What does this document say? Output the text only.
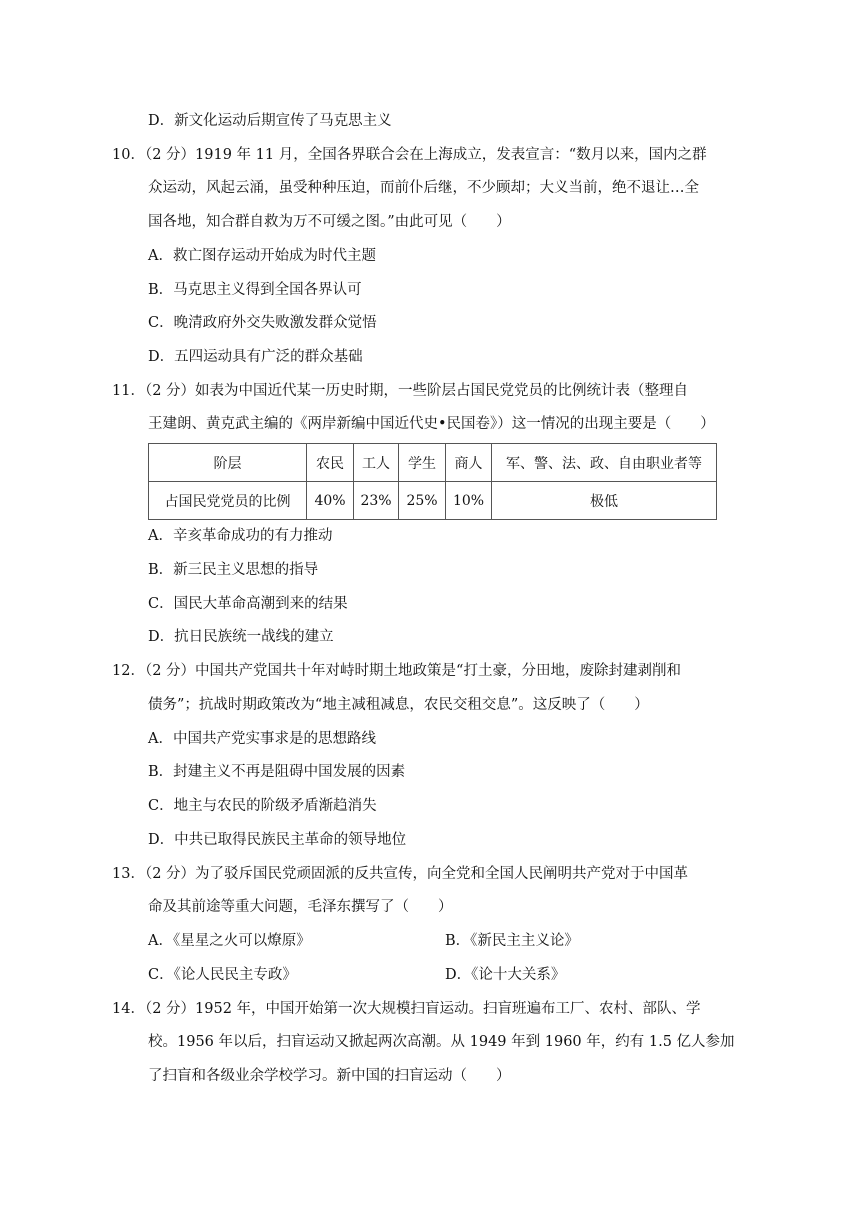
D．新文化运动后期宣传了马克思主义
10．（2 分）1919 年 11 月，全国各界联合会在上海成立，发表宣言：“数月以来，国内之群
众运动，风起云涌，虽受种种压迫，而前仆后继，不少顾却；大义当前，绝不退让…全
国各地，知合群自救为万不可缓之图。”由此可见（　　）
A．救亡图存运动开始成为时代主题
B．马克思主义得到全国各界认可
C．晚清政府外交失败激发群众觉悟
D．五四运动具有广泛的群众基础
11．（2 分）如表为中国近代某一历史时期，一些阶层占国民党党员的比例统计表（整理自
王建朗、黄克武主编的《两岸新编中国近代史•民国卷》）这一情况的出现主要是（　　）
阶层	农民	工人	学生	商人	军、警、法、政、自由职业者等
占国民党党员的比例	40%	23%	25%	10%	极低
A．辛亥革命成功的有力推动
B．新三民主义思想的指导
C．国民大革命高潮到来的结果
D．抗日民族统一战线的建立
12．（2 分）中国共产党国共十年对峙时期土地政策是“打土豪，分田地，废除封建剥削和
债务”；抗战时期政策改为“地主减租减息，农民交租交息”。这反映了（　　）
A．中国共产党实事求是的思想路线
B．封建主义不再是阻碍中国发展的因素
C．地主与农民的阶级矛盾渐趋消失
D．中共已取得民族民主革命的领导地位
13．（2 分）为了驳斥国民党顽固派的反共宣传，向全党和全国人民阐明共产党对于中国革
命及其前途等重大问题，毛泽东撰写了（　　）
A．《星星之火可以燎原》	B．《新民主主义论》
C．《论人民民主专政》	D．《论十大关系》
14．（2 分）1952 年，中国开始第一次大规模扫盲运动。扫盲班遍布工厂、农村、部队、学
校。1956 年以后，扫盲运动又掀起两次高潮。从 1949 年到 1960 年，约有 1.5 亿人参加
了扫盲和各级业余学校学习。新中国的扫盲运动（　　）
